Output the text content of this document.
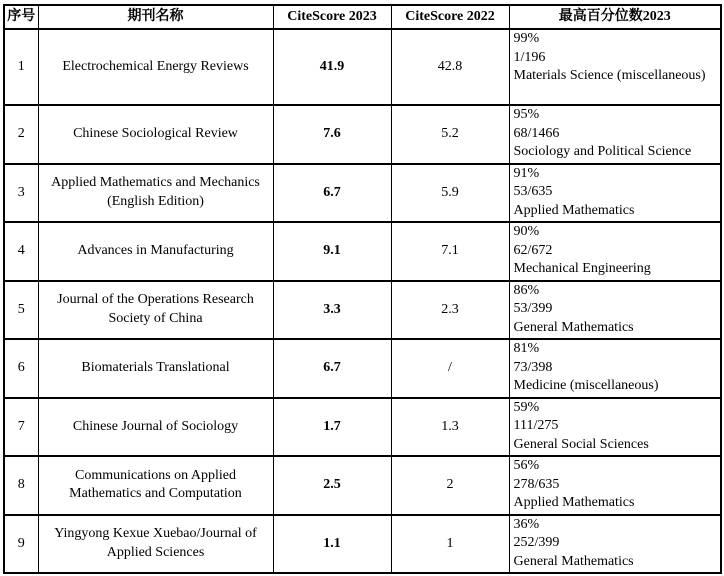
序号	期刊名称	CiteScore 2023	CiteScore 2022	最高百分位数2023
1	Electrochemical Energy Reviews	41.9	42.8	99%
1/196
Materials Science (miscellaneous)

2	Chinese Sociological Review	7.6	5.2	95%
68/1466
Sociology and Political Science

3	Applied Mathematics and Mechanics (English Edition)	6.7	5.9	91%
53/635
Applied Mathematics

4	Advances in Manufacturing	9.1	7.1	90%
62/672
Mechanical Engineering

5	Journal of the Operations Research Society of China	3.3	2.3	86%
53/399
General Mathematics

6	Biomaterials Translational	6.7	/	81%
73/398
Medicine (miscellaneous)

7	Chinese Journal of Sociology	1.7	1.3	59%
111/275
General Social Sciences

8	Communications on Applied Mathematics and Computation	2.5	2	56%
278/635
Applied Mathematics

9	Yingyong Kexue Xuebao/Journal of Applied Sciences	1.1	1	36%
252/399
General Mathematics
